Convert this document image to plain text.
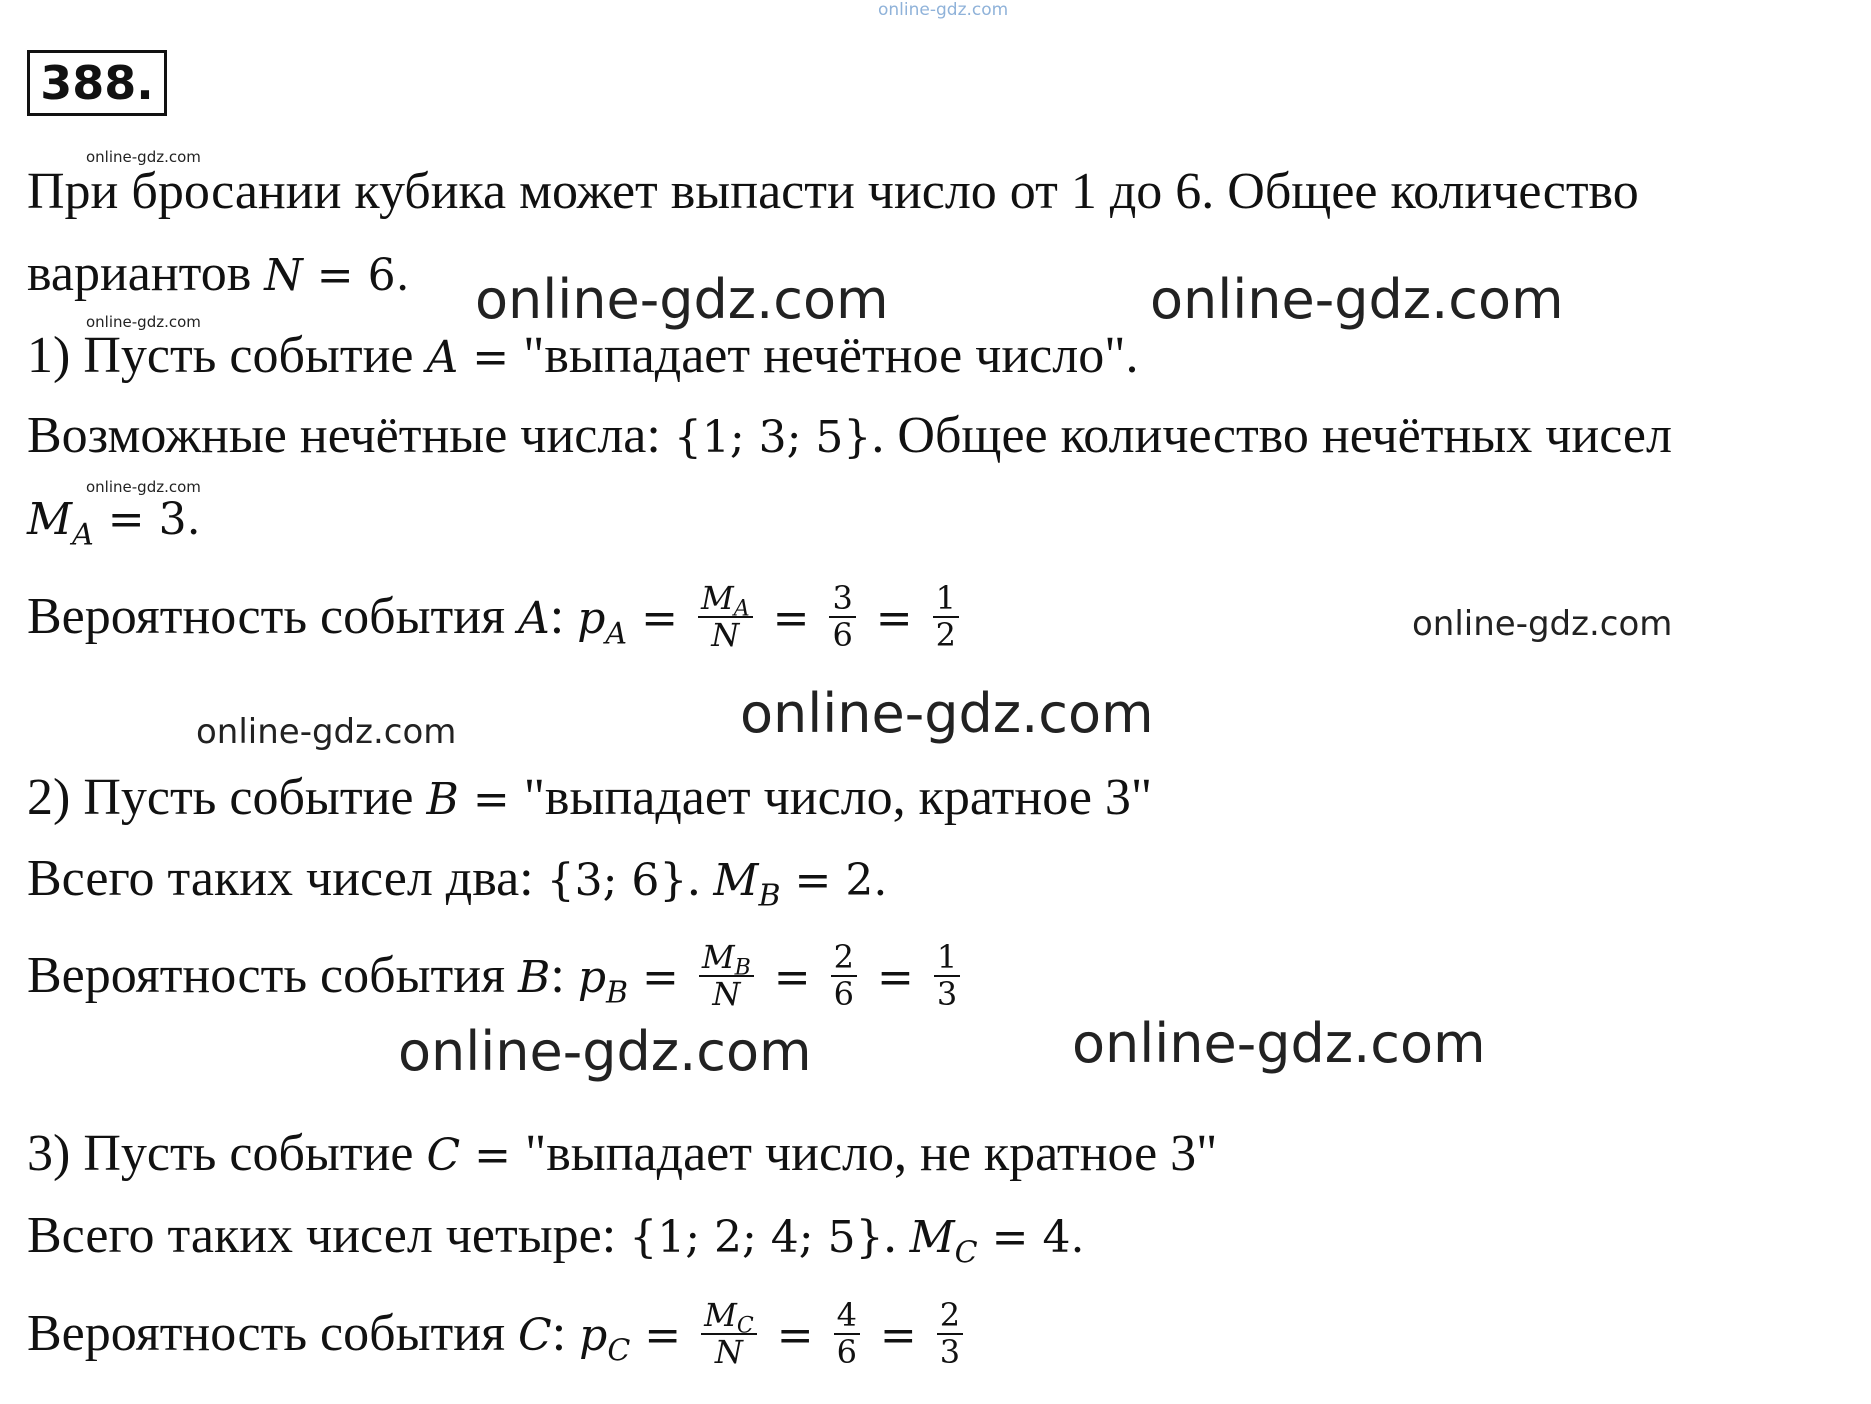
online-gdz.com
388.
online-gdz.com
online-gdz.com	online-gdz.com
online-gdz.com
online-gdz.com
online-gdz.com
online-gdz.com
online-gdz.com
online-gdz.com	online-gdz.com
При бросании кубика может выпасти число от 1 до 6. Общее количество
вариантов N = 6.
1) Пусть событие A = "выпадает нечётное число".
Возможные нечётные числа: {1; 3; 5}. Общее количество нечётных чисел
$M_A = 3$.
Вероятность события A: $p_A = \frac{M_A}{N} = \frac{3}{6} = \frac{1}{2}$
2) Пусть событие B = "выпадает число, кратное 3"
Всего таких чисел два: {3; 6}. $M_B = 2$.
Вероятность события B: $p_B = \frac{M_B}{N} = \frac{2}{6} = \frac{1}{3}$
3) Пусть событие C = "выпадает число, не кратное 3"
Всего таких чисел четыре: {1; 2; 4; 5}. $M_C = 4$.
Вероятность события C: $p_C = \frac{M_C}{N} = \frac{4}{6} = \frac{2}{3}$
